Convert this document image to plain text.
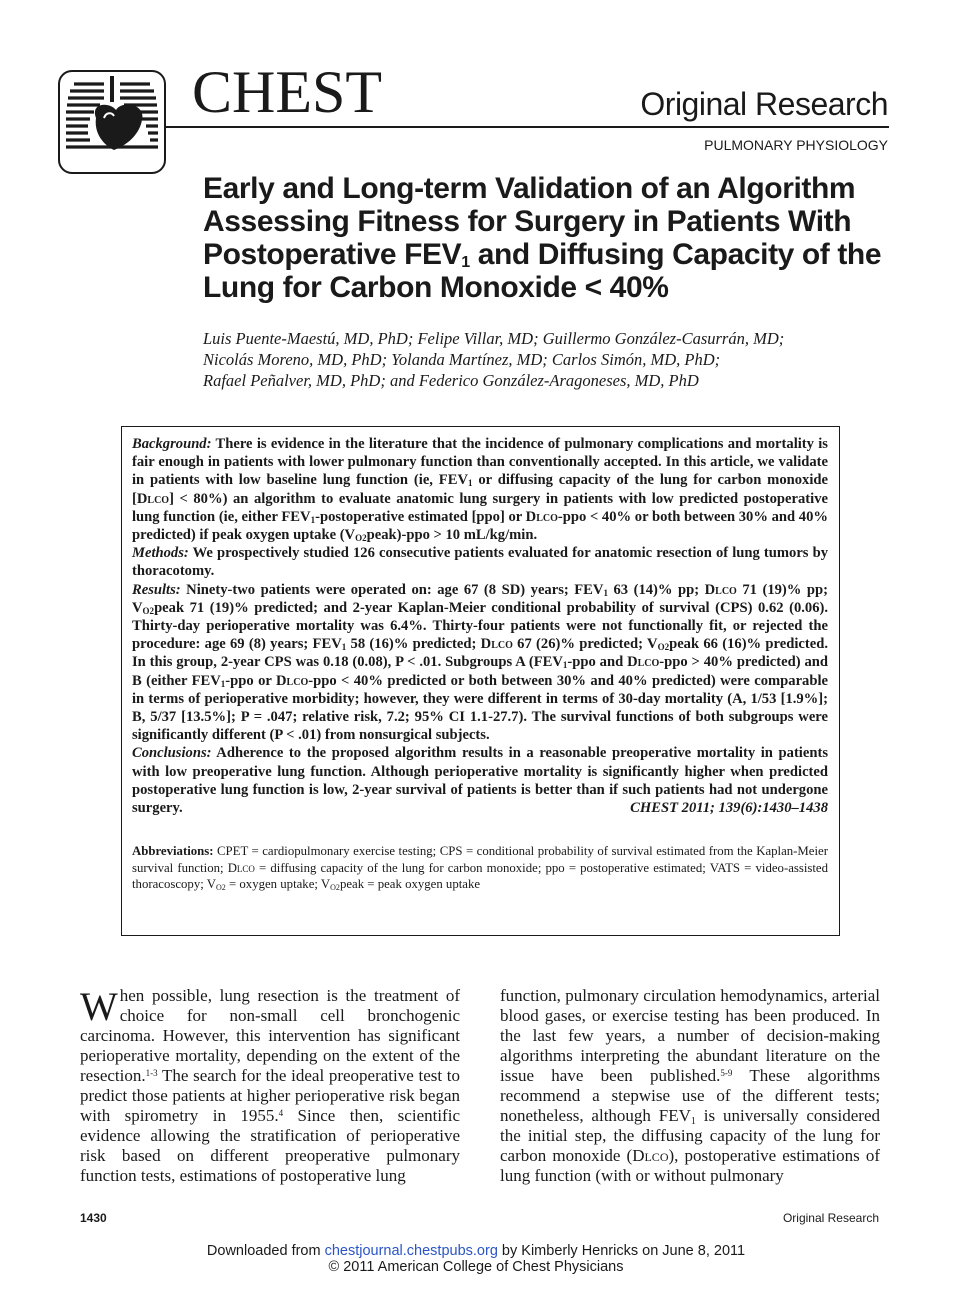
CHEST	Original Research
PULMONARY PHYSIOLOGY
Early and Long-term Validation of an Algorithm Assessing Fitness for Surgery in Patients With Postoperative $FEV_1$ and Diffusing Capacity of the Lung for Carbon Monoxide < 40%
Luis Puente-Maestú, MD, PhD; Felipe Villar, MD; Guillermo González-Casurrán, MD;
Nicolás Moreno, MD, PhD; Yolanda Martínez, MD; Carlos Simón, MD, PhD;
Rafael Peñalver, MD, PhD; and Federico González-Aragoneses, MD, PhD

Background: There is evidence in the literature that the incidence of pulmonary complications and mortality is fair enough in patients with lower pulmonary function than conventionally accepted. In this article, we validate in patients with low baseline lung function (ie, $FEV_1$ or diffusing capacity of the lung for carbon monoxide [Dlco] < 80%) an algorithm to evaluate anatomic lung surgery in patients with low predicted postoperative lung function (ie, either $FEV_1$-postoperative estimated [ppo] or Dlco-ppo < 40% or both between 30% and 40% predicted) if peak oxygen uptake $(V_{O2}peak)$-ppo > 10 mL/kg/min.

Methods: We prospectively studied 126 consecutive patients evaluated for anatomic resection of lung tumors by thoracotomy.

Results: Ninety-two patients were operated on: age 67 (8 SD) years; $FEV_1$ 63 (14)% pp; Dlco 71 (19)% pp; $V_{O2}peak$ 71 (19)% predicted; and 2-year Kaplan-Meier conditional probability of survival (CPS) 0.62 (0.06). Thirty-day perioperative mortality was 6.4%. Thirty-four patients were not functionally fit, or rejected the procedure: age 69 (8) years; $FEV_1$ 58 (16)% predicted; Dlco 67 (26)% predicted; $V_{O2}peak$ 66 (16)% predicted. In this group, 2-year CPS was 0.18 (0.08), P < .01. Subgroups A ($FEV_1$-ppo and Dlco-ppo > 40% predicted) and B (either $FEV_1$-ppo or Dlco-ppo < 40% predicted or both between 30% and 40% predicted) were comparable in terms of perioperative morbidity; however, they were different in terms of 30-day mortality (A, 1/53 [1.9%]; B, 5/37 [13.5%]; P = .047; relative risk, 7.2; 95% CI 1.1-27.7). The survival functions of both subgroups were significantly different (P < .01) from nonsurgical subjects.

Conclusions: Adherence to the proposed algorithm results in a reasonable preoperative mortality in patients with low preoperative lung function. Although perioperative mortality is significantly higher when predicted postoperative lung function is low, 2-year survival of patients is better than if such patients had not undergone surgery.	CHEST 2011; 139(6):1430–1438

Abbreviations: CPET = cardiopulmonary exercise testing; CPS = conditional probability of survival estimated from the Kaplan-Meier survival function; Dlco = diffusing capacity of the lung for carbon monoxide; ppo = postoperative estimated; VATS = video-assisted thoracoscopy; $V_{O2}$ = oxygen uptake; $V_{O2}peak$ = peak oxygen uptake

When possible, lung resection is the treatment of choice for non-small cell bronchogenic carcinoma. However, this intervention has significant perioperative mortality, depending on the extent of the resection.$^{1-3}$ The search for the ideal preoperative test to predict those patients at higher perioperative risk began with spirometry in 1955.$^4$ Since then, scientific evidence allowing the stratification of perioperative risk based on different preoperative pulmonary function tests, estimations of postoperative lung

function, pulmonary circulation hemodynamics, arterial blood gases, or exercise testing has been produced. In the last few years, a number of decision-making algorithms interpreting the abundant literature on the issue have been published.$^{5-9}$ These algorithms recommend a stepwise use of the different tests; nonetheless, although $FEV_1$ is universally considered the initial step, the diffusing capacity of the lung for carbon monoxide (Dlco), postoperative estimations of lung function (with or without pulmonary

1430	Original Research
Downloaded from chestjournal.chestpubs.org by Kimberly Henricks on June 8, 2011
© 2011 American College of Chest Physicians
